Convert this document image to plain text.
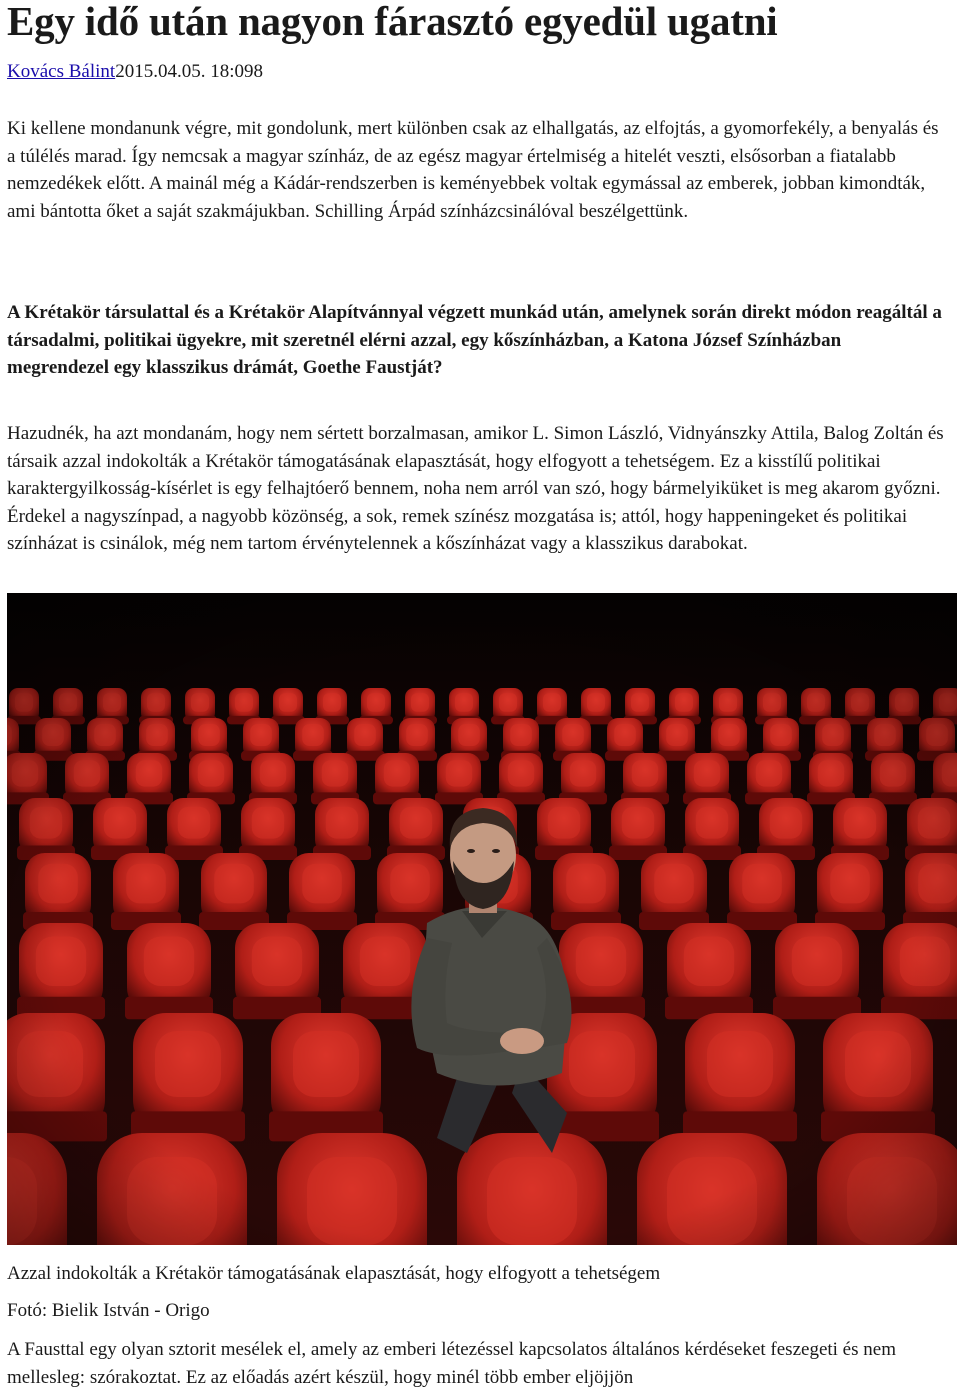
Egy idő után nagyon fárasztó egyedül ugatni
Kovács Bálint2015.04.05. 18:098

Ki kellene mondanunk végre, mit gondolunk, mert különben csak az elhallgatás, az elfojtás, a gyomorfekély, a benyalás és a túlélés marad. Így nemcsak a magyar színház, de az egész magyar értelmiség a hitelét veszti, elsősorban a fiatalabb nemzedékek előtt. A mainál még a Kádár-rendszerben is keményebbek voltak egymással az emberek, jobban kimondták, ami bántotta őket a saját szakmájukban. Schilling Árpád színházcsinálóval beszélgettünk.

A Krétakör társulattal és a Krétakör Alapítvánnyal végzett munkád után, amelynek során direkt módon reagáltál a társadalmi, politikai ügyekre, mit szeretnél elérni azzal, egy kőszínházban, a Katona József Színházban megrendezel egy klasszikus drámát, Goethe Faustját?

Hazudnék, ha azt mondanám, hogy nem sértett borzalmasan, amikor L. Simon László, Vidnyánszky Attila, Balog Zoltán és társaik azzal indokolták a Krétakör támogatásának elapasztását, hogy elfogyott a tehetségem. Ez a kisstílű politikai karaktergyilkosság-kísérlet is egy felhajtóerő bennem, noha nem arról van szó, hogy bármelyiküket is meg akarom győzni. Érdekel a nagyszínpad, a nagyobb közönség, a sok, remek színész mozgatása is; attól, hogy happeningeket és politikai színházat is csinálok, még nem tartom érvénytelennek a kőszínházat vagy a klasszikus darabokat.

Azzal indokolták a Krétakör támogatásának elapasztását, hogy elfogyott a tehetségem

Fotó: Bielik István - Origo

A Fausttal egy olyan sztorit mesélek el, amely az emberi létezéssel kapcsolatos általános kérdéseket feszegeti és nem mellesleg: szórakoztat. Ez az előadás azért készül, hogy minél több ember eljöjjön
